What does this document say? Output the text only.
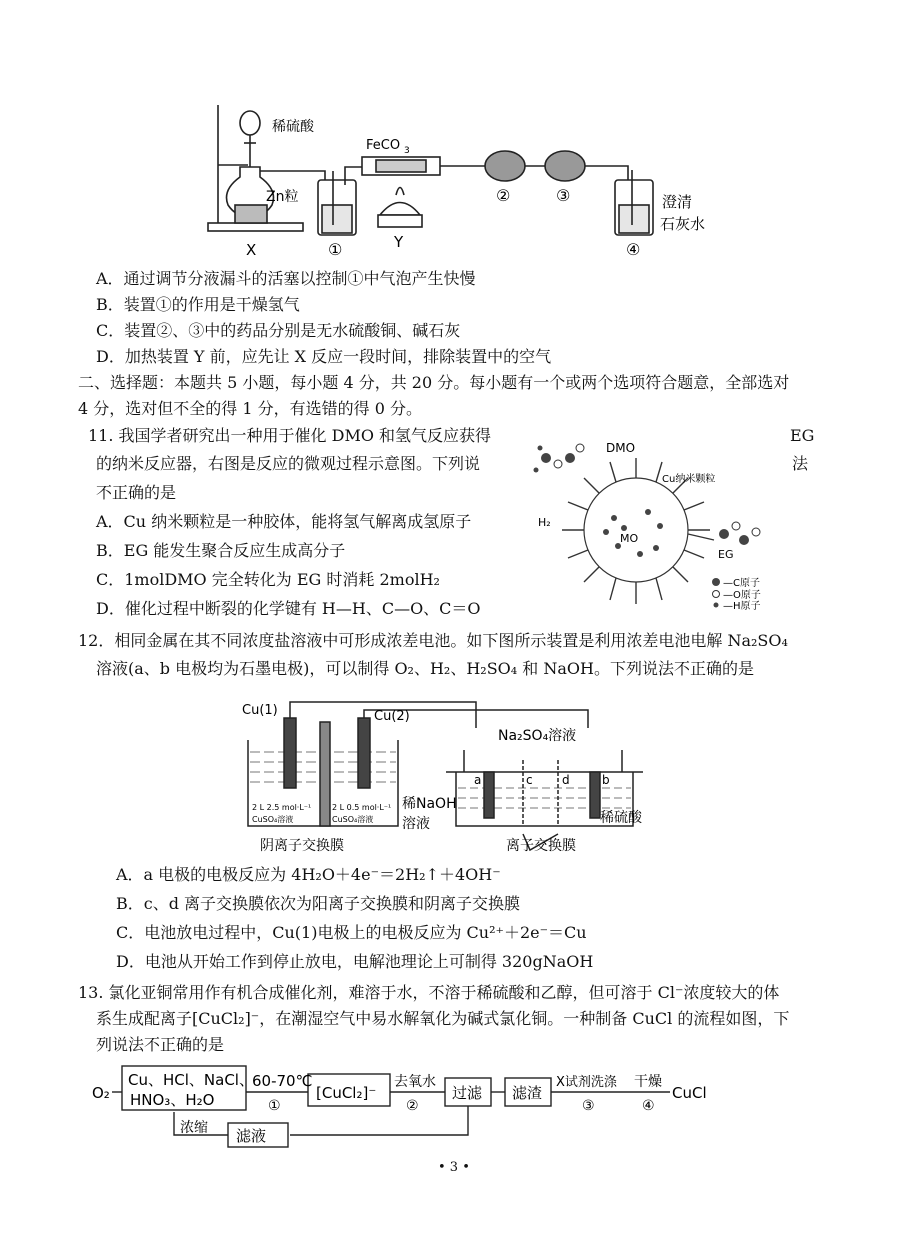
稀硫酸
Zn粒
X
FeCO 3
Y
①
②	③
④
澄清
石灰水
A．通过调节分液漏斗的活塞以控制①中气泡产生快慢
B．装置①的作用是干燥氢气
C．装置②、③中的药品分别是无水硫酸铜、碱石灰
D．加热装置 Y 前，应先让 X 反应一段时间，排除装置中的空气
二、选择题：本题共 5 小题，每小题 4 分，共 20 分。每小题有一个或两个选项符合题意，全部选对
4 分，选对但不全的得 1 分，有选错的得 0 分。
11. 我国学者研究出一种用于催化 DMO 和氢气反应获得	EG
的纳米反应器，右图是反应的微观过程示意图。下列说	法
不正确的是
A．Cu 纳米颗粒是一种胶体，能将氢气解离成氢原子
B．EG 能发生聚合反应生成高分子
C．1molDMO 完全转化为 EG 时消耗 2molH₂
D．催化过程中断裂的化学键有 H—H、C—O、C＝O
DMO
Cu纳米颗粒
H₂
MO
EG
—C原子
—O原子
—H原子
12．相同金属在其不同浓度盐溶液中可形成浓差电池。如下图所示装置是利用浓差电池电解 Na₂SO₄
溶液(a、b 电极均为石墨电极)，可以制得 O₂、H₂、H₂SO₄ 和 NaOH。下列说法不正确的是
Cu(1)	Cu(2)
2 L 2.5 mol·L⁻¹
CuSO₄溶液
2 L 0.5 mol·L⁻¹
CuSO₄溶液
阴离子交换膜
Na₂SO₄溶液
a	c d	b
稀NaOH
溶液
离子交换膜
稀硫酸
A．a 电极的电极反应为 4H₂O＋4e⁻＝2H₂↑＋4OH⁻
B．c、d 离子交换膜依次为阳离子交换膜和阴离子交换膜
C．电池放电过程中，Cu(1)电极上的电极反应为 Cu²⁺＋2e⁻＝Cu
D．电池从开始工作到停止放电，电解池理论上可制得 320gNaOH
13. 氯化亚铜常用作有机合成催化剂，难溶于水，不溶于稀硫酸和乙醇，但可溶于 Cl⁻浓度较大的体
系生成配离子[CuCl₂]⁻，在潮湿空气中易水解氧化为碱式氯化铜。一种制备 CuCl 的流程如图，下
列说法不正确的是
O₂
Cu、HCl、NaCl、
HNO₃、H₂O
60-70℃
①
[CuCl₂]⁻
去氧水
②
过滤 滤渣
X试剂洗涤
③
干燥
④
CuCl
浓缩 滤液
• 3 •
